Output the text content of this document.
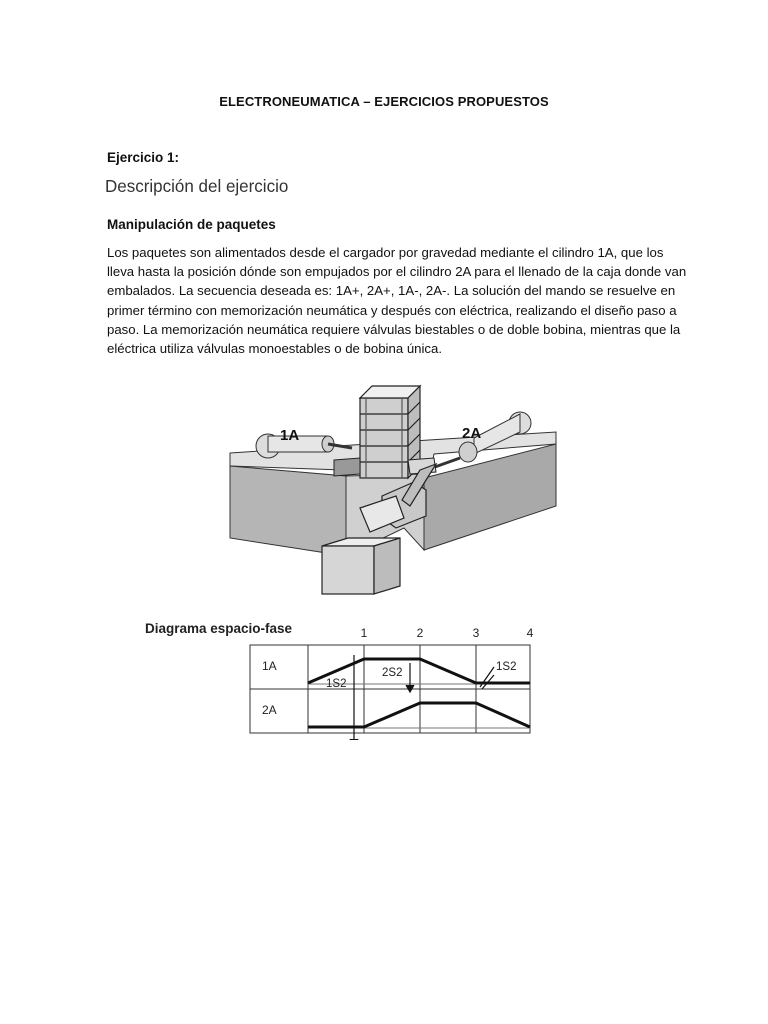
ELECTRONEUMATICA – EJERCICIOS PROPUESTOS
Ejercicio 1:
Descripción del ejercicio
Manipulación de paquetes

Los paquetes son alimentados desde el cargador por gravedad mediante el cilindro 1A, que los
lleva hasta la posición dónde son empujados por el cilindro 2A para el llenado de la caja donde van
embalados. La secuencia deseada es: 1A+, 2A+, 1A-, 2A-. La solución del mando se resuelve en
primer término con memorización neumática y después con eléctrica, realizando el diseño paso a
paso. La memorización neumática requiere válvulas biestables o de doble bobina, mientras que la
eléctrica utiliza válvulas monoestables o de bobina única.

1A	2A
Diagrama espacio-fase	1	2	3	4
1A
2A
1S2
2S2	1S2
